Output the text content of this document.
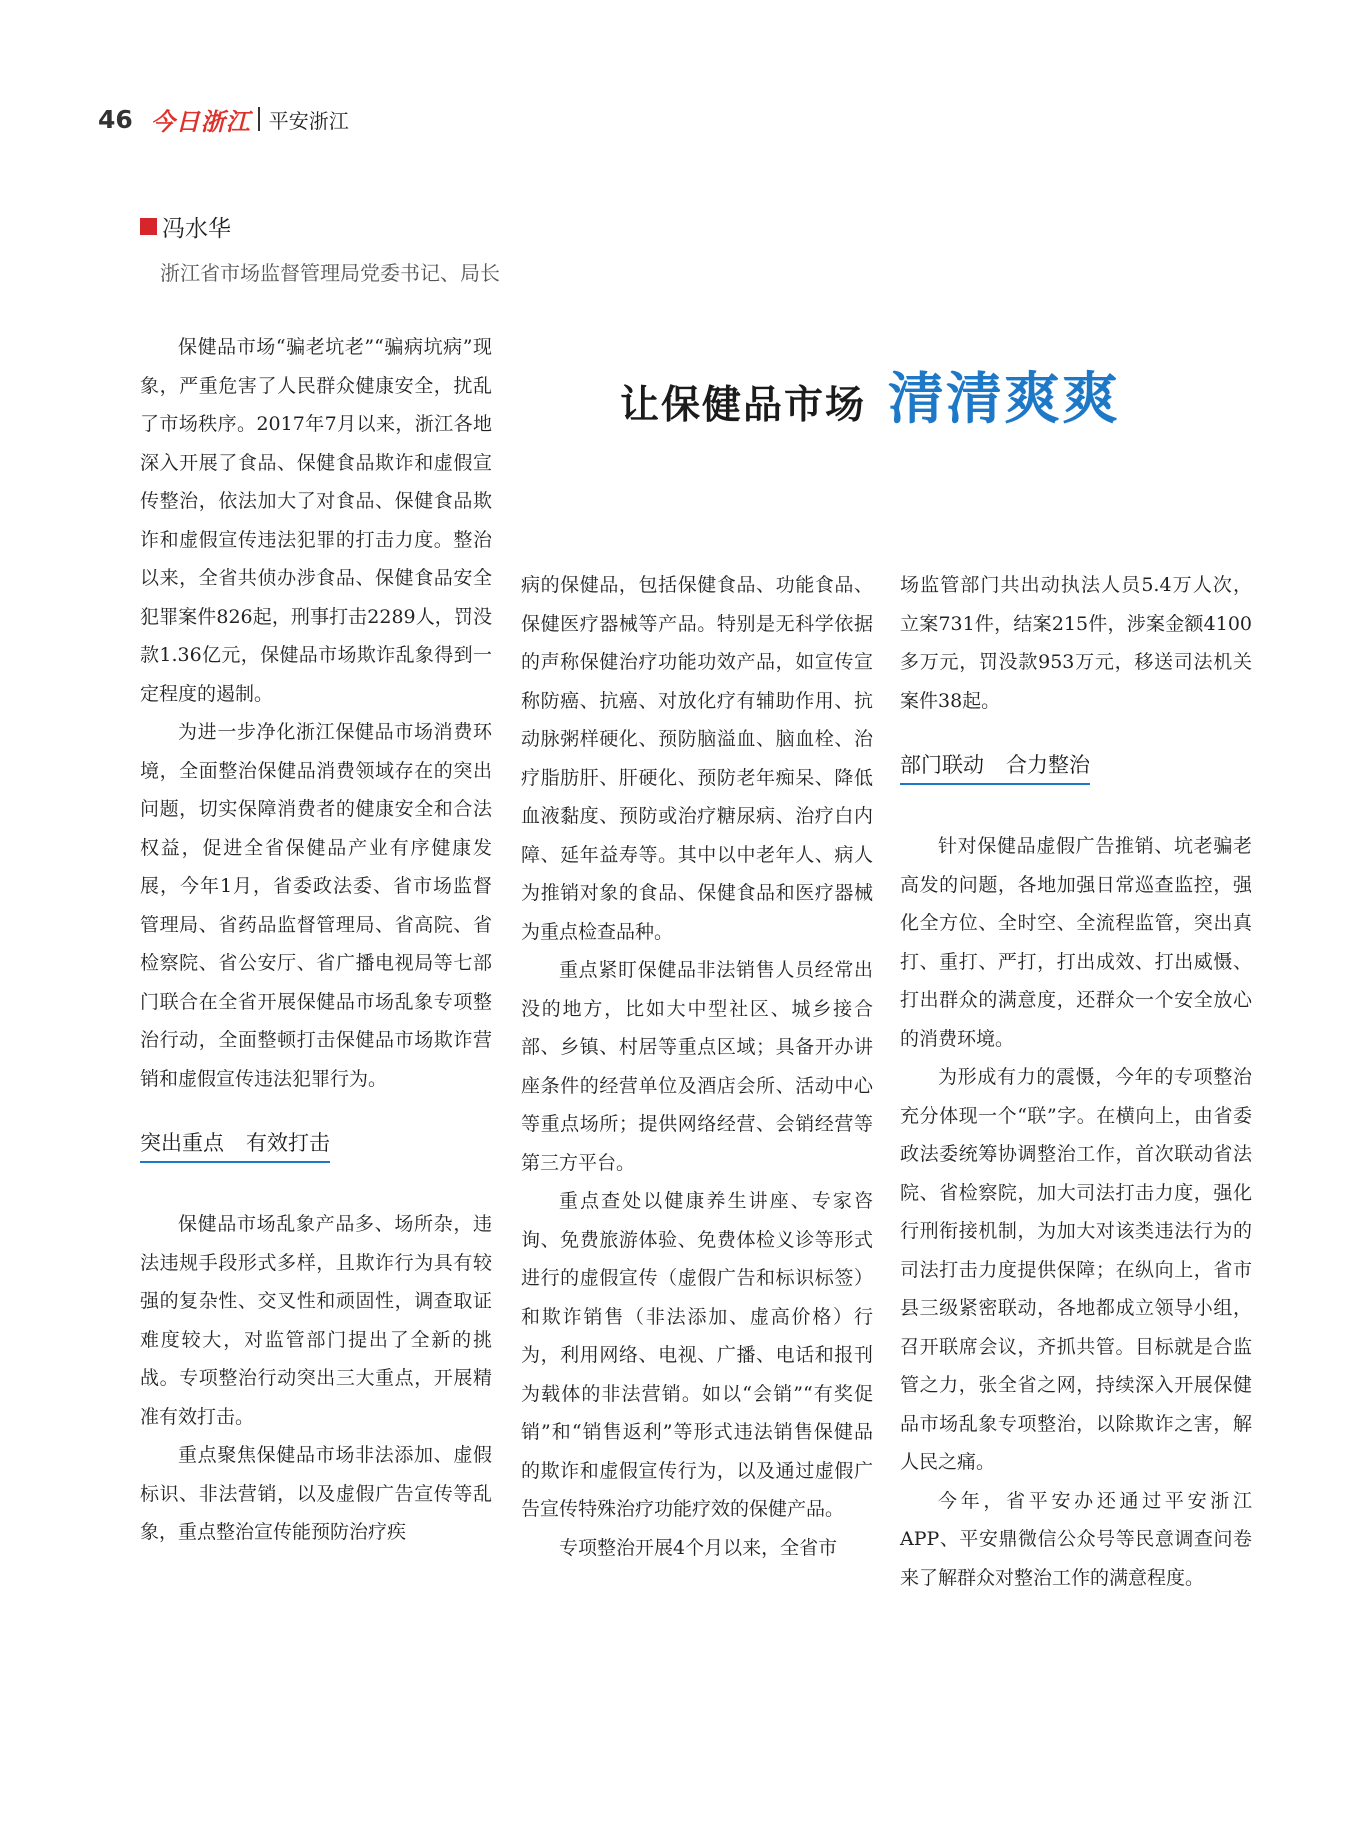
46 今日浙江 平安浙江
冯水华
浙江省市场监督管理局党委书记、局长
让保健品市场 清清爽爽

保健品市场“骗老坑老”“骗病坑病”现象，严重危害了人民群众健康安全，扰乱了市场秩序。2017年7月以来，浙江各地深入开展了食品、保健食品欺诈和虚假宣传整治，依法加大了对食品、保健食品欺诈和虚假宣传违法犯罪的打击力度。整治以来，全省共侦办涉食品、保健食品安全犯罪案件826起，刑事打击2289人，罚没款1.36亿元，保健品市场欺诈乱象得到一定程度的遏制。

为进一步净化浙江保健品市场消费环境，全面整治保健品消费领域存在的突出问题，切实保障消费者的健康安全和合法权益，促进全省保健品产业有序健康发展，今年1月，省委政法委、省市场监督管理局、省药品监督管理局、省高院、省检察院、省公安厅、省广播电视局等七部门联合在全省开展保健品市场乱象专项整治行动，全面整顿打击保健品市场欺诈营销和虚假宣传违法犯罪行为。

突出重点 有效打击

保健品市场乱象产品多、场所杂，违法违规手段形式多样，且欺诈行为具有较强的复杂性、交叉性和顽固性，调查取证难度较大，对监管部门提出了全新的挑战。专项整治行动突出三大重点，开展精准有效打击。

重点聚焦保健品市场非法添加、虚假标识、非法营销，以及虚假广告宣传等乱象，重点整治宣传能预防治疗疾

病的保健品，包括保健食品、功能食品、保健医疗器械等产品。特别是无科学依据的声称保健治疗功能功效产品，如宣传宣称防癌、抗癌、对放化疗有辅助作用、抗动脉粥样硬化、预防脑溢血、脑血栓、治疗脂肪肝、肝硬化、预防老年痴呆、降低血液黏度、预防或治疗糖尿病、治疗白内障、延年益寿等。其中以中老年人、病人为推销对象的食品、保健食品和医疗器械为重点检查品种。

重点紧盯保健品非法销售人员经常出没的地方，比如大中型社区、城乡接合部、乡镇、村居等重点区域；具备开办讲座条件的经营单位及酒店会所、活动中心等重点场所；提供网络经营、会销经营等第三方平台。

重点查处以健康养生讲座、专家咨询、免费旅游体验、免费体检义诊等形式进行的虚假宣传（虚假广告和标识标签）和欺诈销售（非法添加、虚高价格）行为，利用网络、电视、广播、电话和报刊为载体的非法营销。如以“会销”“有奖促销”和“销售返利”等形式违法销售保健品的欺诈和虚假宣传行为，以及通过虚假广告宣传特殊治疗功能疗效的保健产品。

专项整治开展4个月以来，全省市

场监管部门共出动执法人员5.4万人次，立案731件，结案215件，涉案金额4100多万元，罚没款953万元，移送司法机关案件38起。

部门联动 合力整治

针对保健品虚假广告推销、坑老骗老高发的问题，各地加强日常巡查监控，强化全方位、全时空、全流程监管，突出真打、重打、严打，打出成效、打出威慑、打出群众的满意度，还群众一个安全放心的消费环境。

为形成有力的震慑，今年的专项整治充分体现一个“联”字。在横向上，由省委政法委统筹协调整治工作，首次联动省法院、省检察院，加大司法打击力度，强化行刑衔接机制，为加大对该类违法行为的司法打击力度提供保障；在纵向上，省市县三级紧密联动，各地都成立领导小组，召开联席会议，齐抓共管。目标就是合监管之力，张全省之网，持续深入开展保健品市场乱象专项整治，以除欺诈之害，解人民之痛。

今年，省平安办还通过平安浙江APP、平安鼎微信公众号等民意调查问卷来了解群众对整治工作的满意程度。
